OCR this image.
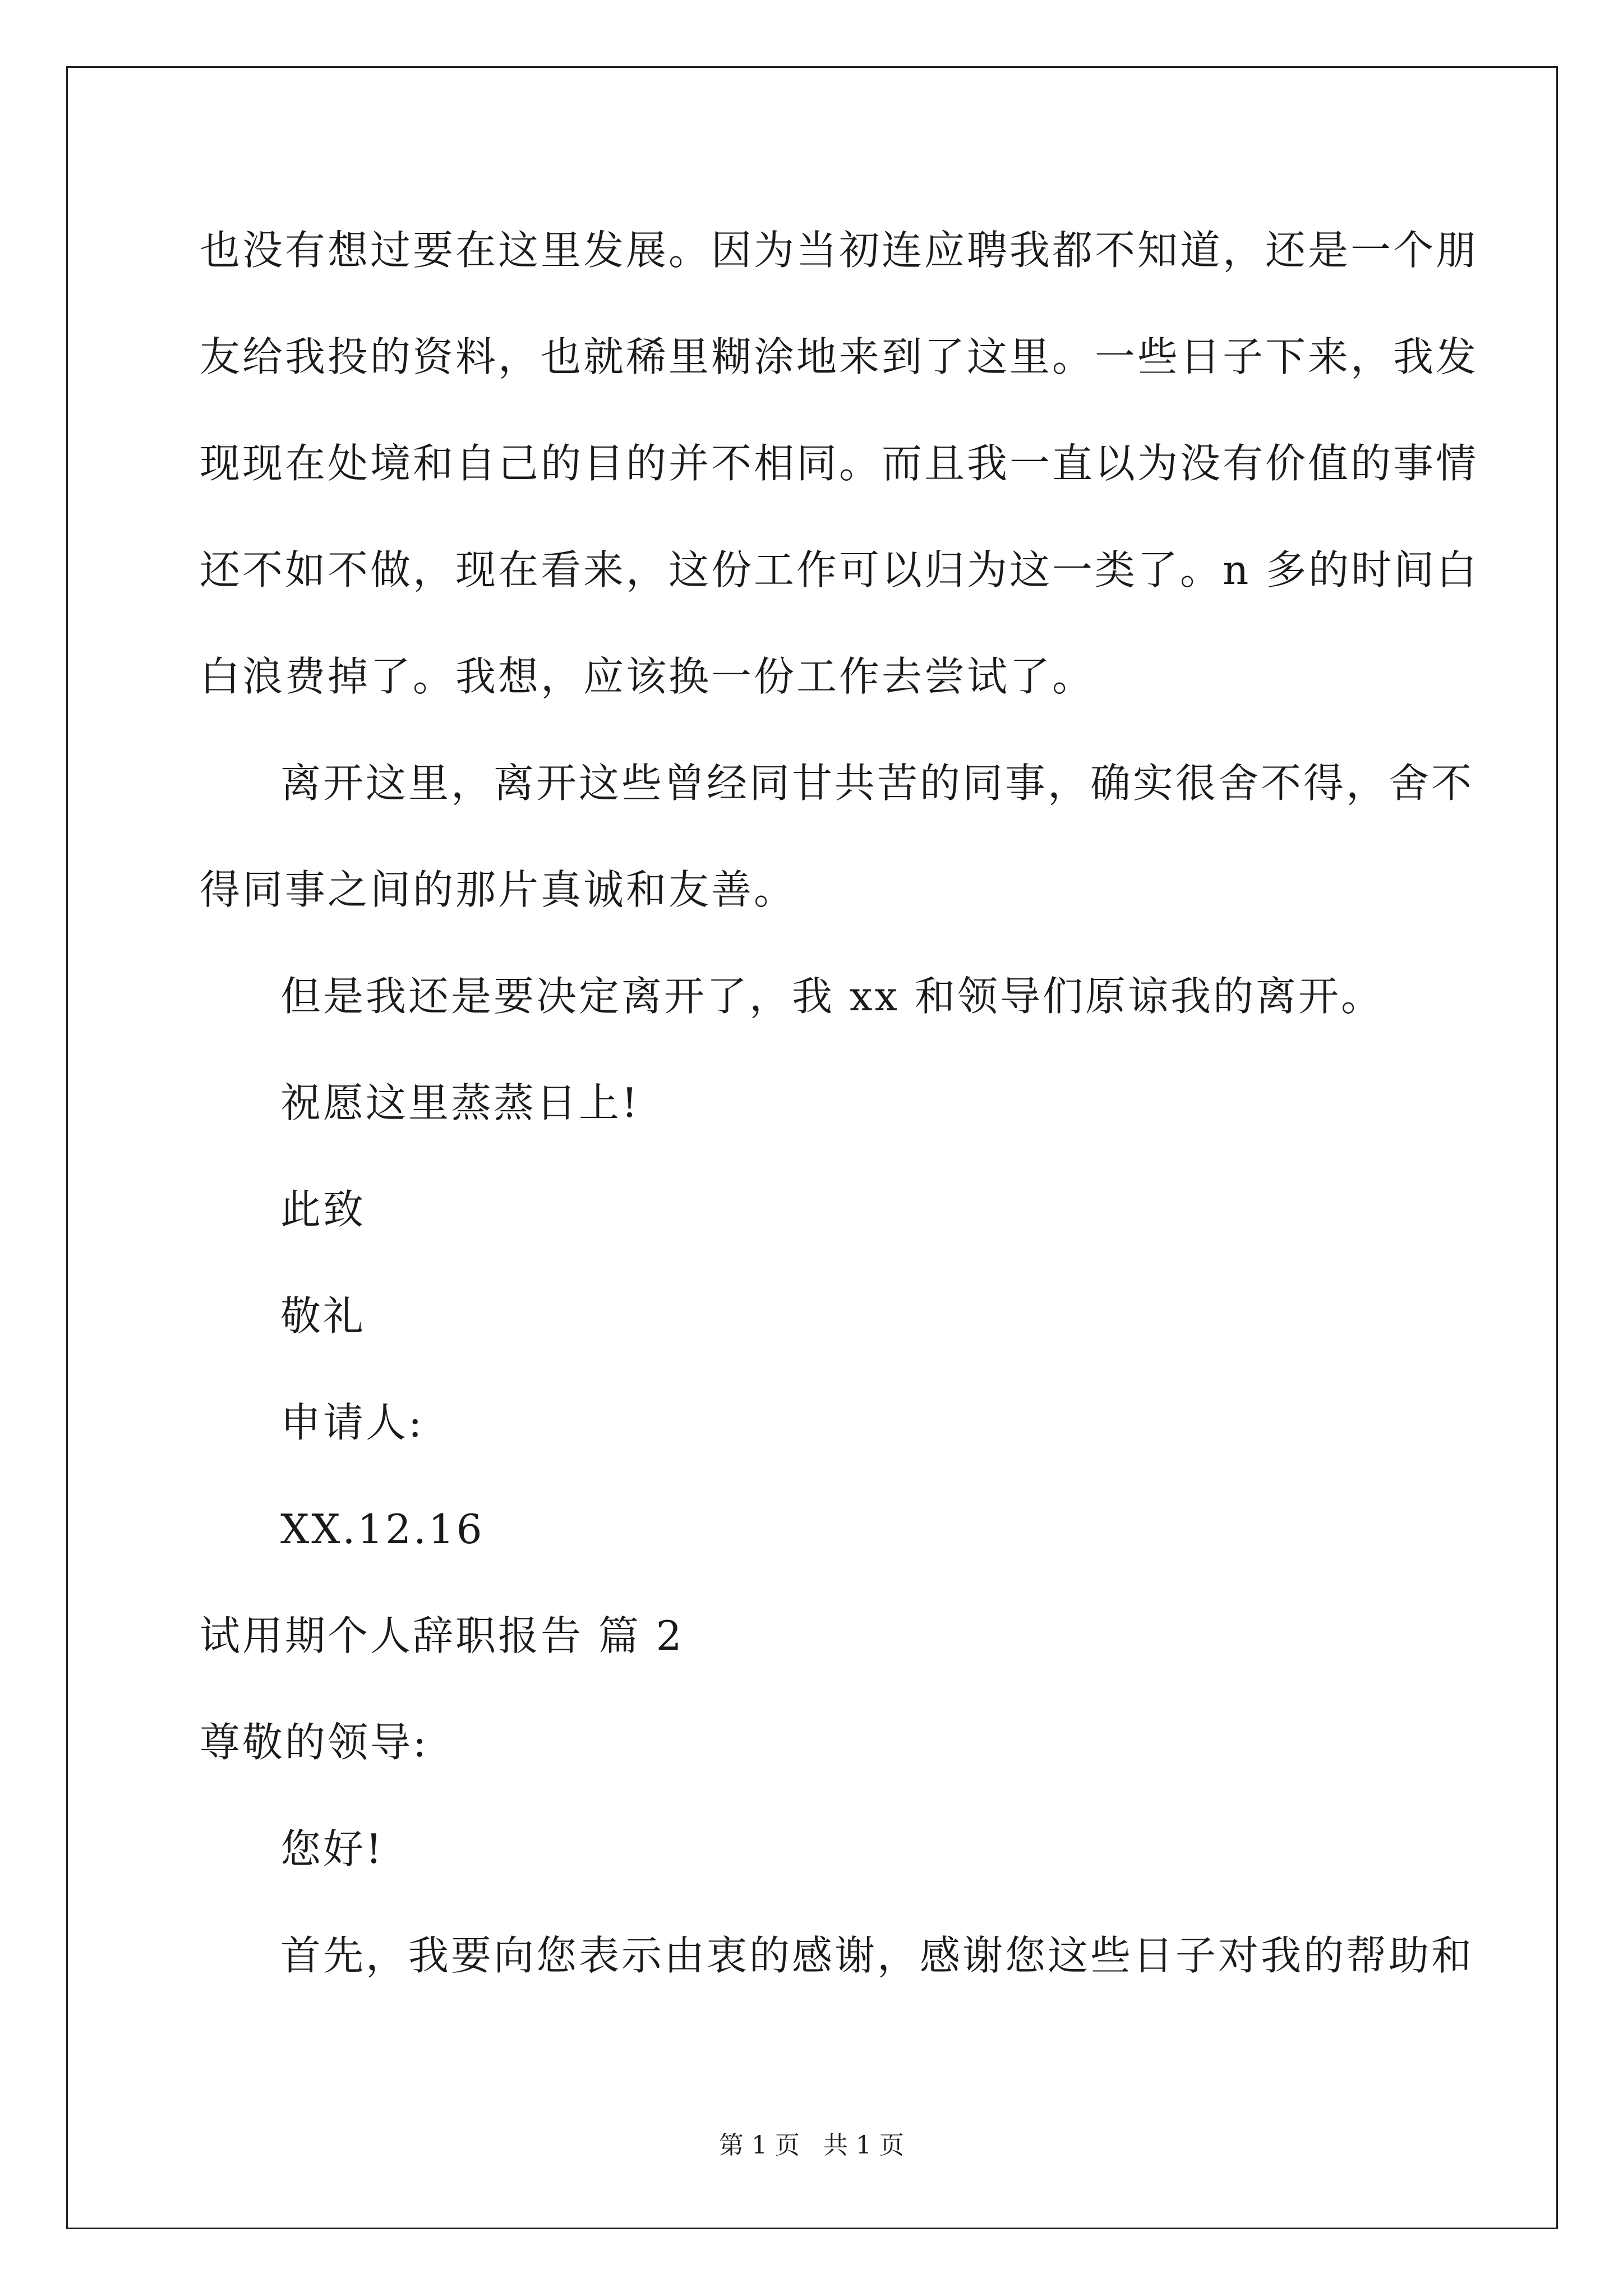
也没有想过要在这里发展。因为当初连应聘我都不知道，还是一个朋
友给我投的资料，也就稀里糊涂地来到了这里。一些日子下来，我发
现现在处境和自己的目的并不相同。而且我一直以为没有价值的事情
还不如不做，现在看来，这份工作可以归为这一类了。n 多的时间白
白浪费掉了。我想，应该换一份工作去尝试了。
离开这里，离开这些曾经同甘共苦的同事，确实很舍不得，舍不
得同事之间的那片真诚和友善。
但是我还是要决定离开了，我 xx 和领导们原谅我的离开。
祝愿这里蒸蒸日上!
此致
敬礼
申请人:
XX.12.16
试用期个人辞职报告 篇 2
尊敬的领导:
您好!
首先，我要向您表示由衷的感谢，感谢您这些日子对我的帮助和
第 1 页   共 1 页
